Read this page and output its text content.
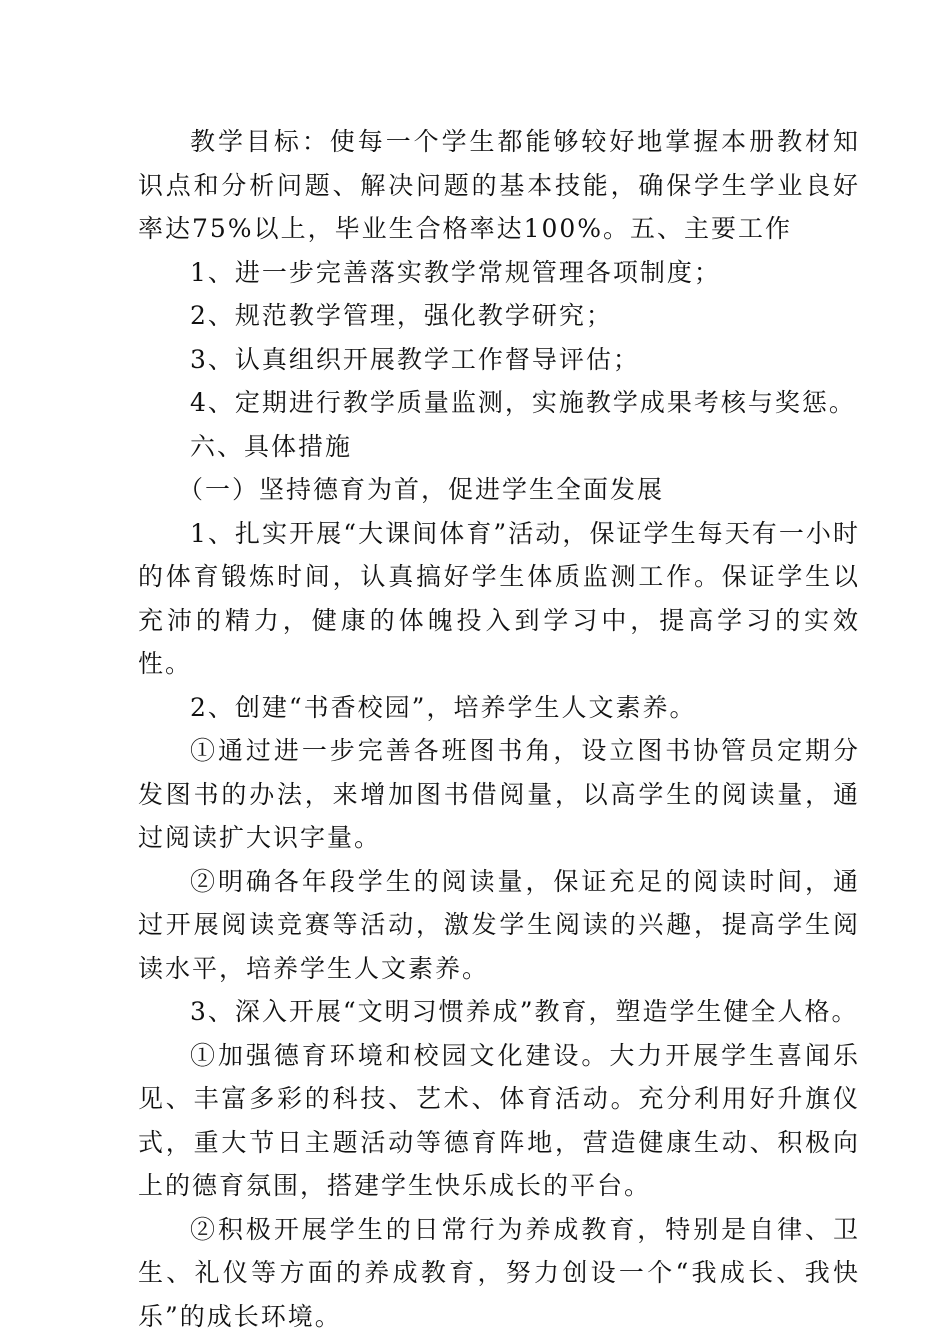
教学目标：使每一个学生都能够较好地掌握本册教材知识点和分析问题、解决问题的基本技能，确保学生学业良好率达75%以上，毕业生合格率达100%。五、主要工作

1、进一步完善落实教学常规管理各项制度；

2、规范教学管理，强化教学研究；

3、认真组织开展教学工作督导评估；

4、定期进行教学质量监测，实施教学成果考核与奖惩。

六、具体措施

（一）坚持德育为首，促进学生全面发展

1、扎实开展“大课间体育”活动，保证学生每天有一小时的体育锻炼时间，认真搞好学生体质监测工作。保证学生以充沛的精力，健康的体魄投入到学习中，提高学习的实效性。

2、创建“书香校园”，培养学生人文素养。

①通过进一步完善各班图书角，设立图书协管员定期分发图书的办法，来增加图书借阅量，以高学生的阅读量，通过阅读扩大识字量。

②明确各年段学生的阅读量，保证充足的阅读时间，通过开展阅读竞赛等活动，激发学生阅读的兴趣，提高学生阅读水平，培养学生人文素养。

3、深入开展“文明习惯养成”教育，塑造学生健全人格。

①加强德育环境和校园文化建设。大力开展学生喜闻乐见、丰富多彩的科技、艺术、体育活动。充分利用好升旗仪式，重大节日主题活动等德育阵地，营造健康生动、积极向上的德育氛围，搭建学生快乐成长的平台。

②积极开展学生的日常行为养成教育，特别是自律、卫生、礼仪等方面的养成教育，努力创设一个“我成长、我快乐”的成长环境。
